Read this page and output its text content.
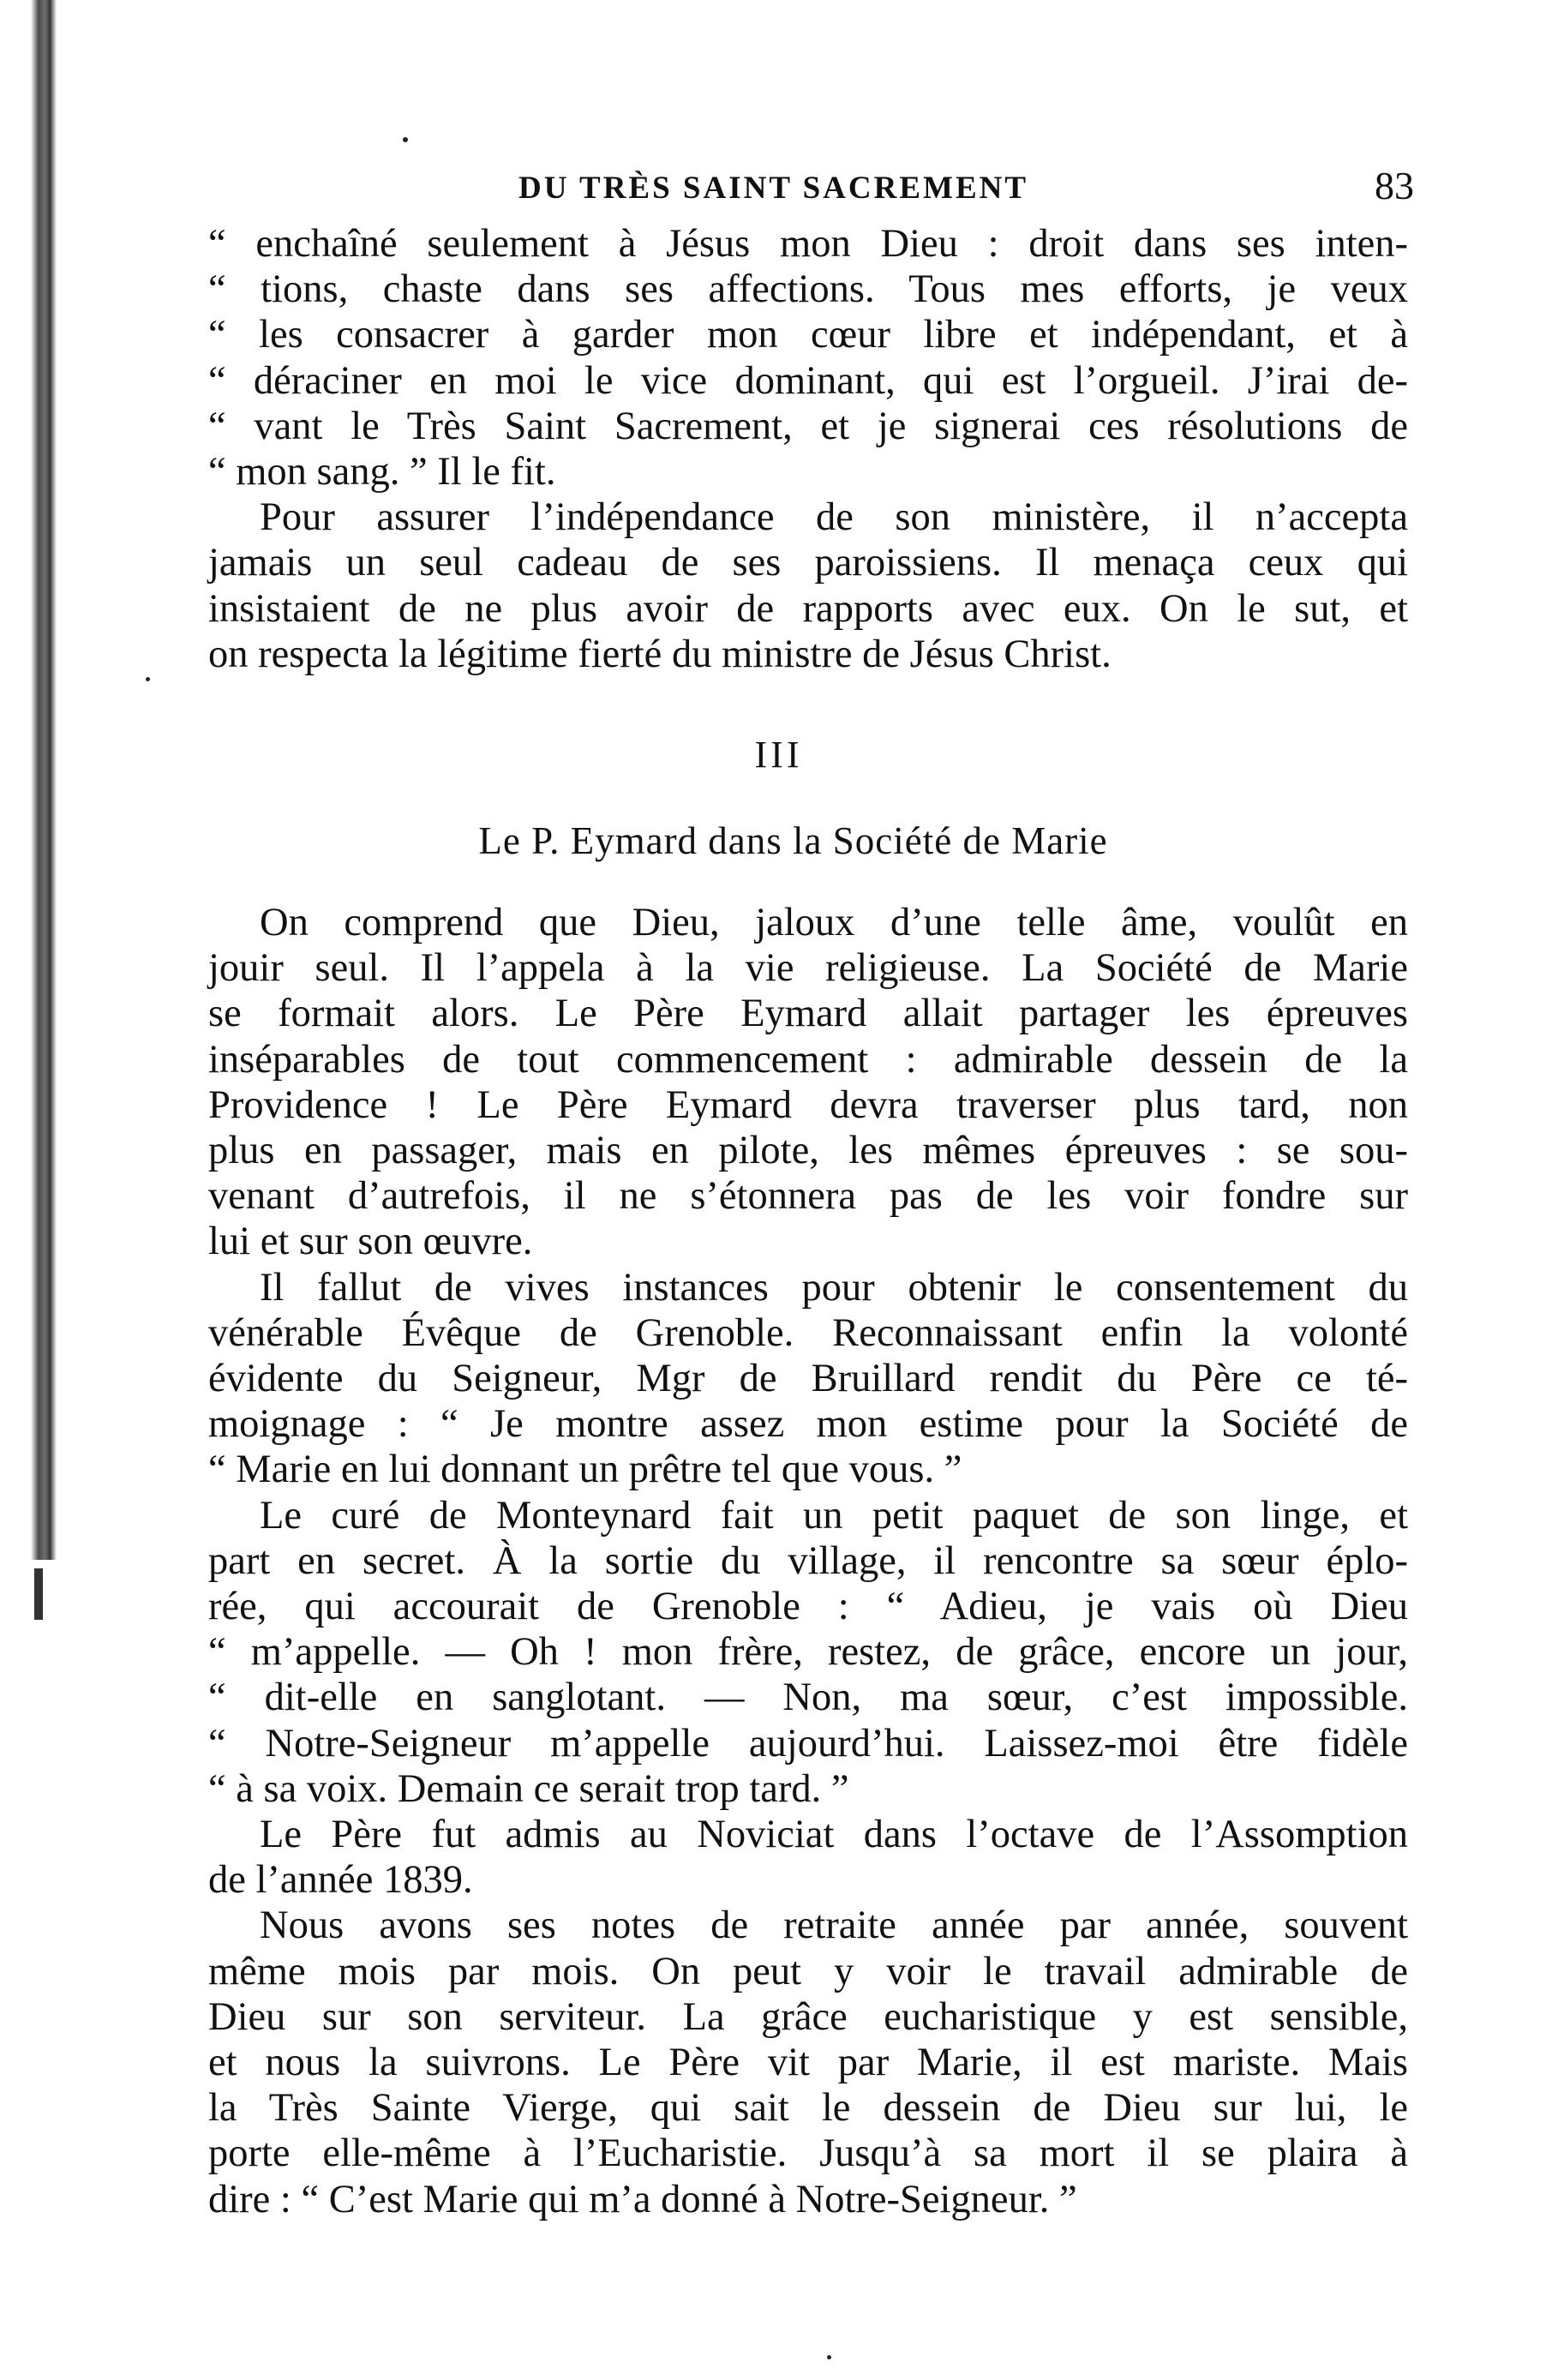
DU TRÈS SAINT SACREMENT	83
“ enchaîné seulement à Jésus mon Dieu : droit dans ses inten-
“ tions, chaste dans ses affections. Tous mes efforts, je veux
“ les consacrer à garder mon cœur libre et indépendant, et à
“ déraciner en moi le vice dominant, qui est l’orgueil. J’irai de-
“ vant le Très Saint Sacrement, et je signerai ces résolutions de
“ mon sang. ” Il le fit.
Pour assurer l’indépendance de son ministère, il n’accepta
jamais un seul cadeau de ses paroissiens. Il menaça ceux qui
insistaient de ne plus avoir de rapports avec eux. On le sut, et
on respecta la légitime fierté du ministre de Jésus Christ.
III
Le P. Eymard dans la Société de Marie
On comprend que Dieu, jaloux d’une telle âme, voulût en
jouir seul. Il l’appela à la vie religieuse. La Société de Marie
se formait alors. Le Père Eymard allait partager les épreuves
inséparables de tout commencement : admirable dessein de la
Providence ! Le Père Eymard devra traverser plus tard, non
plus en passager, mais en pilote, les mêmes épreuves : se sou-
venant d’autrefois, il ne s’étonnera pas de les voir fondre sur
lui et sur son œuvre.
Il fallut de vives instances pour obtenir le consentement du
vénérable Évêque de Grenoble. Reconnaissant enfin la volonté
évidente du Seigneur, Mgr de Bruillard rendit du Père ce té-
moignage : “ Je montre assez mon estime pour la Société de
“ Marie en lui donnant un prêtre tel que vous. ”
Le curé de Monteynard fait un petit paquet de son linge, et
part en secret. À la sortie du village, il rencontre sa sœur éplo-
rée, qui accourait de Grenoble : “ Adieu, je vais où Dieu
“ m’appelle. — Oh ! mon frère, restez, de grâce, encore un jour,
“ dit-elle en sanglotant. — Non, ma sœur, c’est impossible.
“ Notre-Seigneur m’appelle aujourd’hui. Laissez-moi être fidèle
“ à sa voix. Demain ce serait trop tard. ”
Le Père fut admis au Noviciat dans l’octave de l’Assomption
de l’année 1839.
Nous avons ses notes de retraite année par année, souvent
même mois par mois. On peut y voir le travail admirable de
Dieu sur son serviteur. La grâce eucharistique y est sensible,
et nous la suivrons. Le Père vit par Marie, il est mariste. Mais
la Très Sainte Vierge, qui sait le dessein de Dieu sur lui, le
porte elle-même à l’Eucharistie. Jusqu’à sa mort il se plaira à
dire : “ C’est Marie qui m’a donné à Notre-Seigneur. ”
